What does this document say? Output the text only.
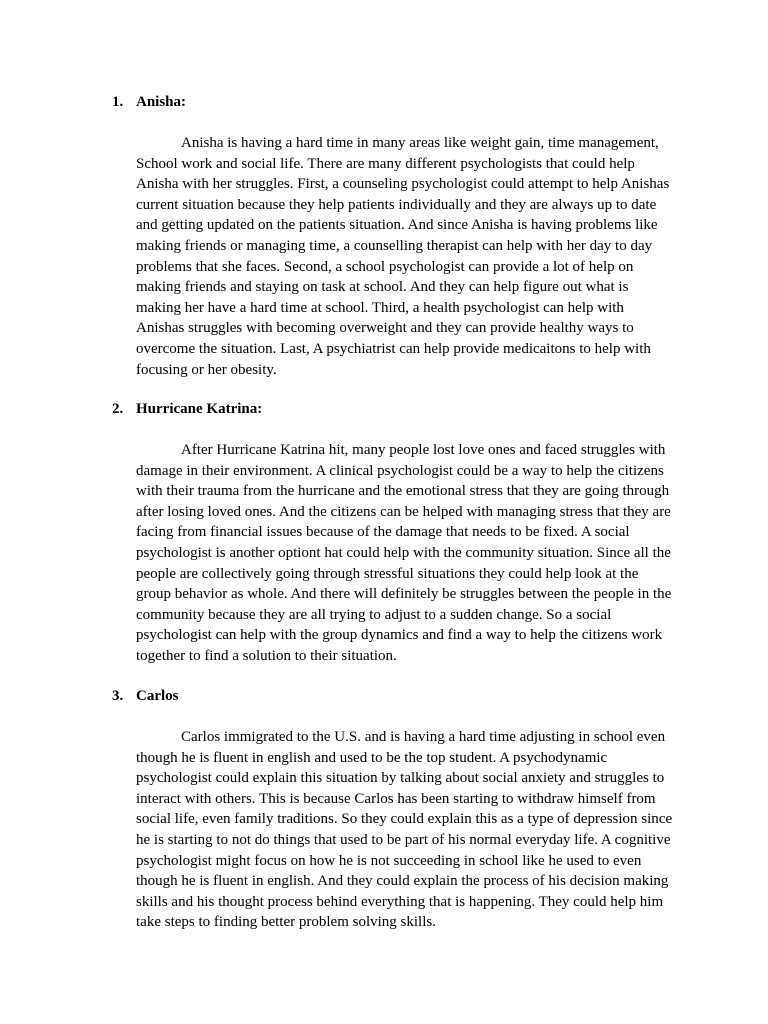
1. Anisha:
Anisha is having a hard time in many areas like weight gain, time management,
School work and social life. There are many different psychologists that could help
Anisha with her struggles. First, a counseling psychologist could attempt to help Anishas
current situation because they help patients individually and they are always up to date
and getting updated on the patients situation. And since Anisha is having problems like
making friends or managing time, a counselling therapist can help with her day to day
problems that she faces. Second, a school psychologist can provide a lot of help on
making friends and staying on task at school. And they can help figure out what is
making her have a hard time at school. Third, a health psychologist can help with
Anishas struggles with becoming overweight and they can provide healthy ways to
overcome the situation. Last, A psychiatrist can help provide medicaitons to help with
focusing or her obesity.
2. Hurricane Katrina:
After Hurricane Katrina hit, many people lost love ones and faced struggles with
damage in their environment. A clinical psychologist could be a way to help the citizens
with their trauma from the hurricane and the emotional stress that they are going through
after losing loved ones. And the citizens can be helped with managing stress that they are
facing from financial issues because of the damage that needs to be fixed. A social
psychologist is another optiont hat could help with the community situation. Since all the
people are collectively going through stressful situations they could help look at the
group behavior as whole. And there will definitely be struggles between the people in the
community because they are all trying to adjust to a sudden change. So a social
psychologist can help with the group dynamics and find a way to help the citizens work
together to find a solution to their situation.
3. Carlos
Carlos immigrated to the U.S. and is having a hard time adjusting in school even
though he is fluent in english and used to be the top student. A psychodynamic
psychologist could explain this situation by talking about social anxiety and struggles to
interact with others. This is because Carlos has been starting to withdraw himself from
social life, even family traditions. So they could explain this as a type of depression since
he is starting to not do things that used to be part of his normal everyday life. A cognitive
psychologist might focus on how he is not succeeding in school like he used to even
though he is fluent in english. And they could explain the process of his decision making
skills and his thought process behind everything that is happening. They could help him
take steps to finding better problem solving skills.
